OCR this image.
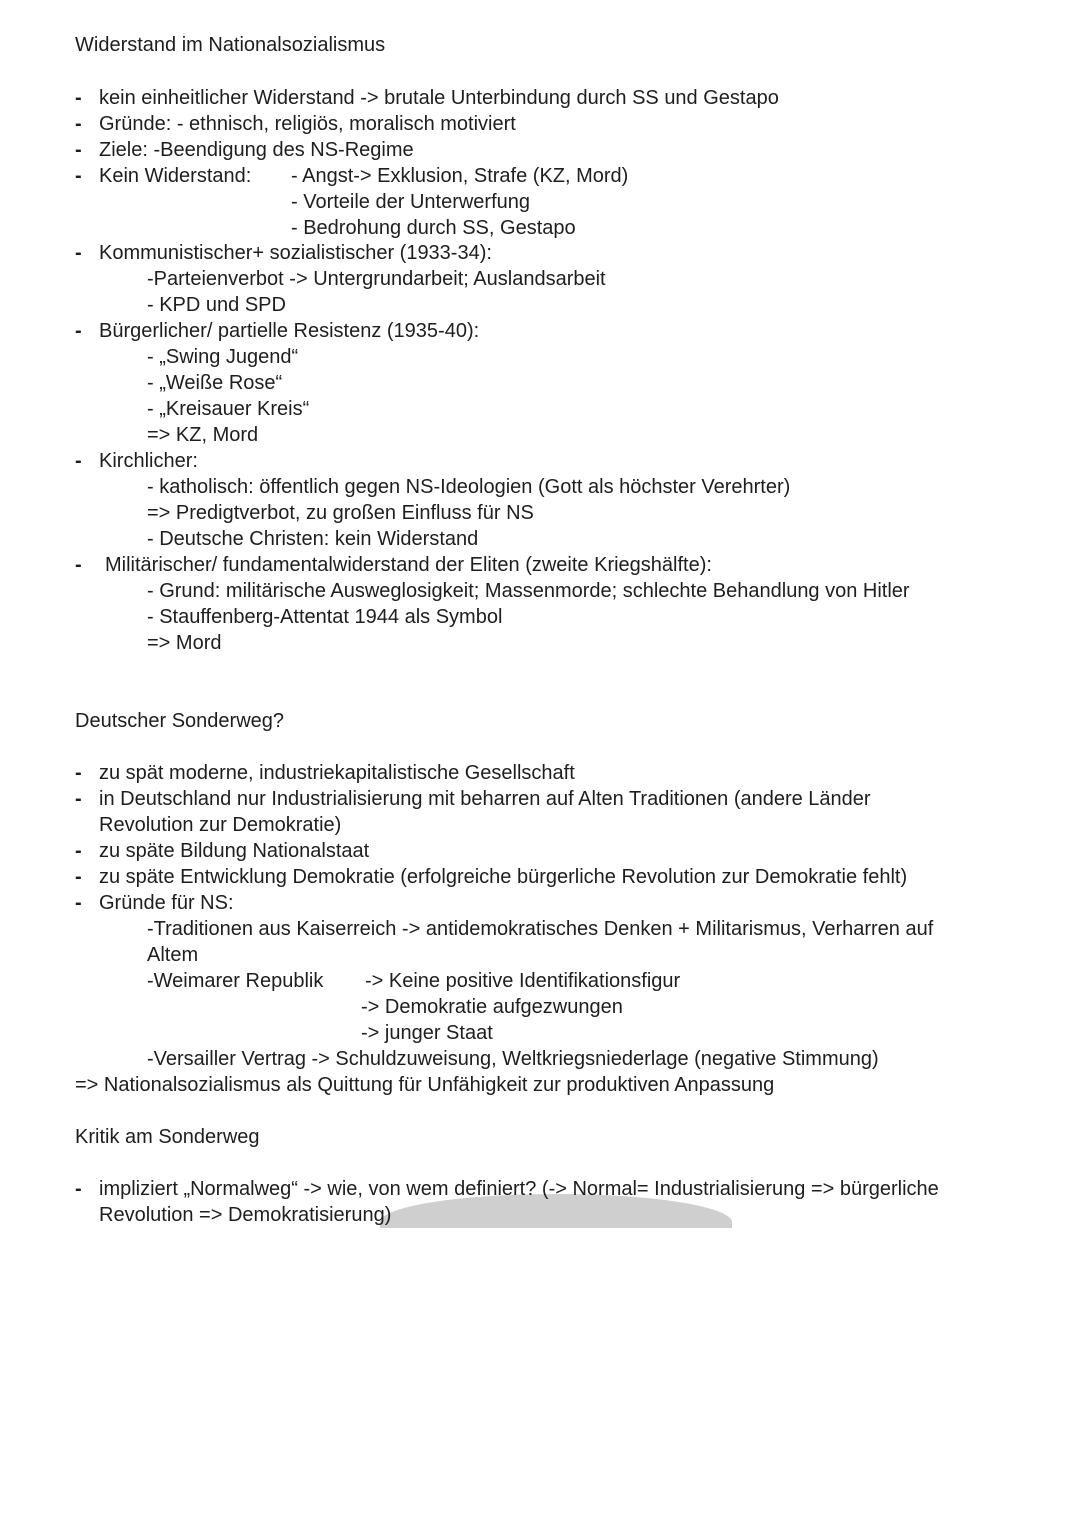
Widerstand im Nationalsozialismus
- kein einheitlicher Widerstand -> brutale Unterbindung durch SS und Gestapo
- Gründe: - ethnisch, religiös, moralisch motiviert
- Ziele: -Beendigung des NS-Regime
- Kein Widerstand: - Angst-> Exklusion, Strafe (KZ, Mord)
- Vorteile der Unterwerfung
- Bedrohung durch SS, Gestapo
- Kommunistischer+ sozialistischer (1933-34):
-Parteienverbot -> Untergrundarbeit; Auslandsarbeit
- KPD und SPD
- Bürgerlicher/ partielle Resistenz (1935-40):
- „Swing Jugend“
- „Weiße Rose“
- „Kreisauer Kreis“
=> KZ, Mord
- Kirchlicher:
- katholisch: öffentlich gegen NS-Ideologien (Gott als höchster Verehrter)
=> Predigtverbot, zu großen Einfluss für NS
- Deutsche Christen: kein Widerstand
- Militärischer/ fundamentalwiderstand der Eliten (zweite Kriegshälfte):
- Grund: militärische Ausweglosigkeit; Massenmorde; schlechte Behandlung von Hitler
- Stauffenberg-Attentat 1944 als Symbol
=> Mord
Deutscher Sonderweg?
- zu spät moderne, industriekapitalistische Gesellschaft
- in Deutschland nur Industrialisierung mit beharren auf Alten Traditionen (andere Länder
Revolution zur Demokratie)
- zu späte Bildung Nationalstaat
- zu späte Entwicklung Demokratie (erfolgreiche bürgerliche Revolution zur Demokratie fehlt)
- Gründe für NS:
-Traditionen aus Kaiserreich -> antidemokratisches Denken + Militarismus, Verharren auf
Altem
-Weimarer Republik -> Keine positive Identifikationsfigur
-> Demokratie aufgezwungen
-> junger Staat
-Versailler Vertrag -> Schuldzuweisung, Weltkriegsniederlage (negative Stimmung)
=> Nationalsozialismus als Quittung für Unfähigkeit zur produktiven Anpassung
Kritik am Sonderweg
- impliziert „Normalweg“ -> wie, von wem definiert? (-> Normal= Industrialisierung => bürgerliche
Revolution => Demokratisierung)
